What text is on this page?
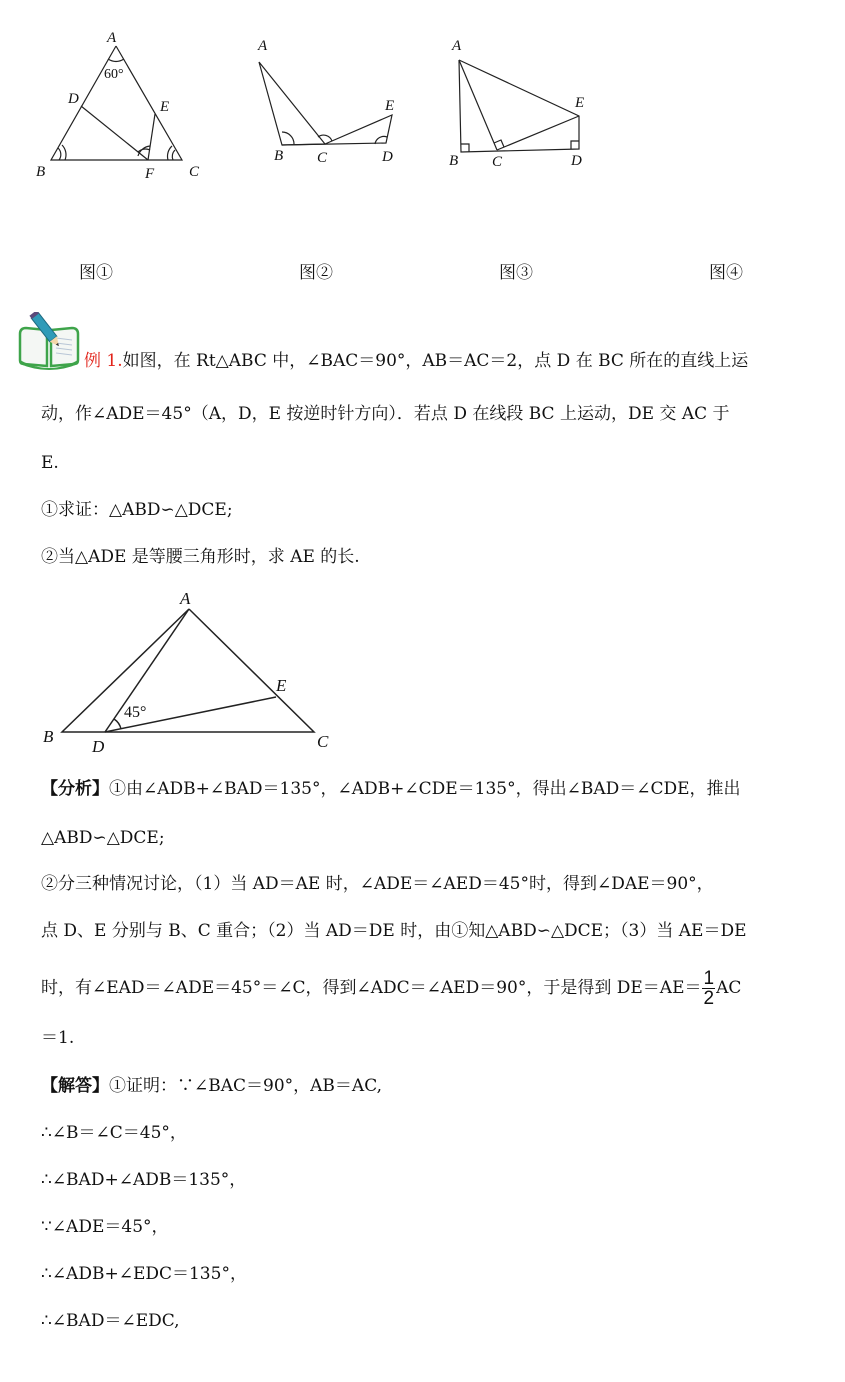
A
D	E
B	F C
60°
A
B C	D
E
A
B C	D
E
图①	图②	图③	图④
例 1.如图，在 Rt△ABC 中，∠BAC＝90°，AB＝AC＝2，点 D 在 BC 所在的直线上运
动，作∠ADE＝45°（A，D，E 按逆时针方向）．若点 D 在线段 BC 上运动，DE 交 AC 于
E.
①求证：△ABD∽△DCE;
②当△ADE 是等腰三角形时，求 AE 的长.
A
B
D	C
E
45°
【分析】①由∠ADB+∠BAD＝135°，∠ADB+∠CDE＝135°，得出∠BAD＝∠CDE，推出
△ABD∽△DCE;
②分三种情况讨论，（1）当 AD＝AE 时，∠ADE＝∠AED＝45°时，得到∠DAE＝90°，
点 D、E 分别与 B、C 重合；（2）当 AD＝DE 时，由①知△ABD∽△DCE；（3）当 AE＝DE
时，有∠EAD＝∠ADE＝45°＝∠C，得到∠ADC＝∠AED＝90°，于是得到 $DE=AE= \frac{1}{2}$ AC
＝1.
【解答】①证明：∵∠BAC＝90°，AB＝AC,
∴∠B＝∠C＝45°，
∴∠BAD+∠ADB＝135°，
∵∠ADE＝45°，
∴∠ADB+∠EDC＝135°，
∴∠BAD＝∠EDC,
